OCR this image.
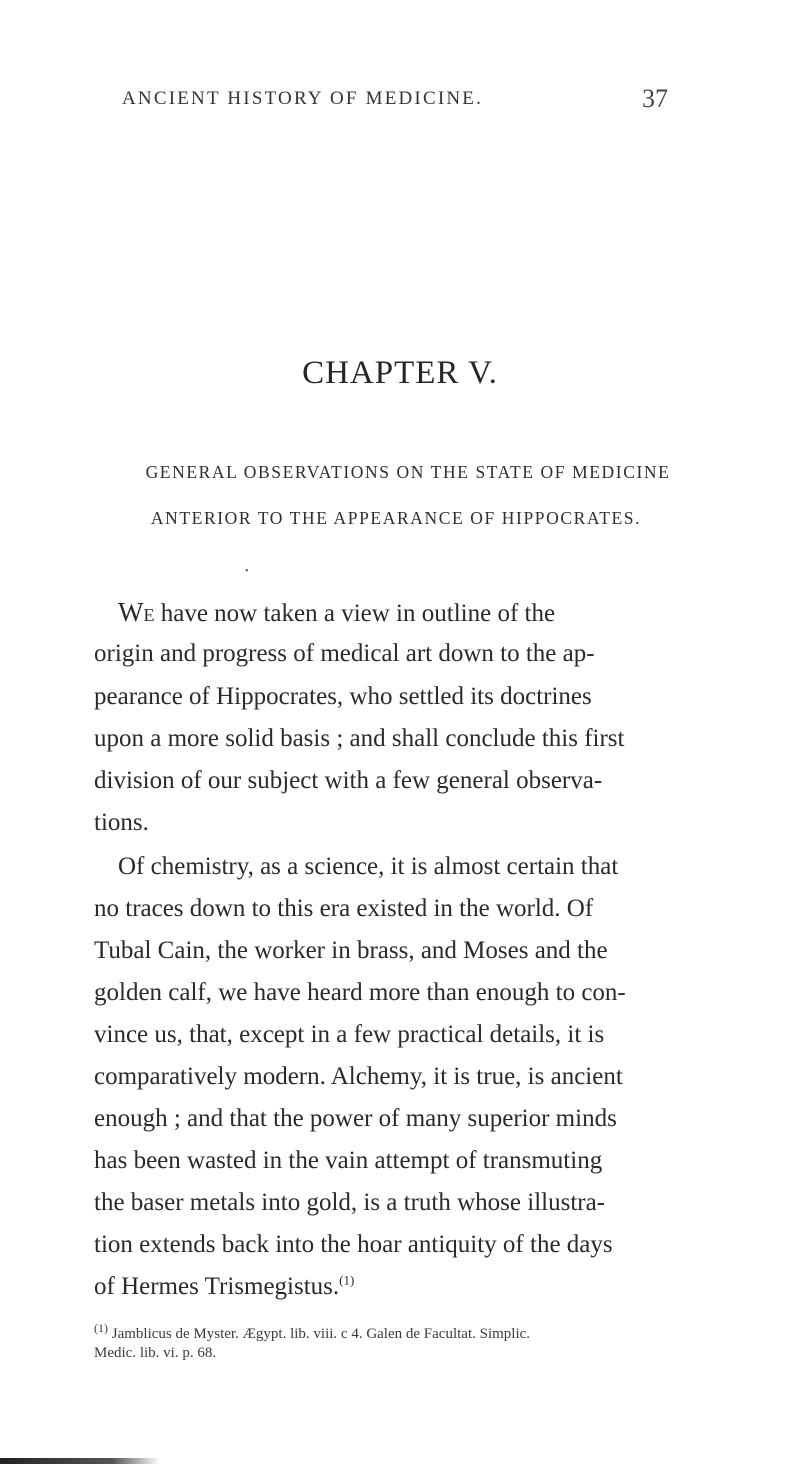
ANCIENT HISTORY OF MEDICINE.	37
CHAPTER V.
GENERAL OBSERVATIONS ON THE STATE OF MEDICINE
ANTERIOR TO THE APPEARANCE OF HIPPOCRATES.
•
We have now taken a view in outline of the
origin and progress of medical art down to the ap-
pearance of Hippocrates, who settled its doctrines
upon a more solid basis ; and shall conclude this first
division of our subject with a few general observa-
tions.
Of chemistry, as a science, it is almost certain that
no traces down to this era existed in the world. Of
Tubal Cain, the worker in brass, and Moses and the
golden calf, we have heard more than enough to con-
vince us, that, except in a few practical details, it is
comparatively modern. Alchemy, it is true, is ancient
enough ; and that the power of many superior minds
has been wasted in the vain attempt of transmuting
the baser metals into gold, is a truth whose illustra-
tion extends back into the hoar antiquity of the days
of Hermes Trismegistus.$^{(1)}$
$^{(1)}$ Jamblicus de Myster. Ægypt. lib. viii. c 4. Galen de Facultat. Simplic.
Medic. lib. vi. p. 68.
